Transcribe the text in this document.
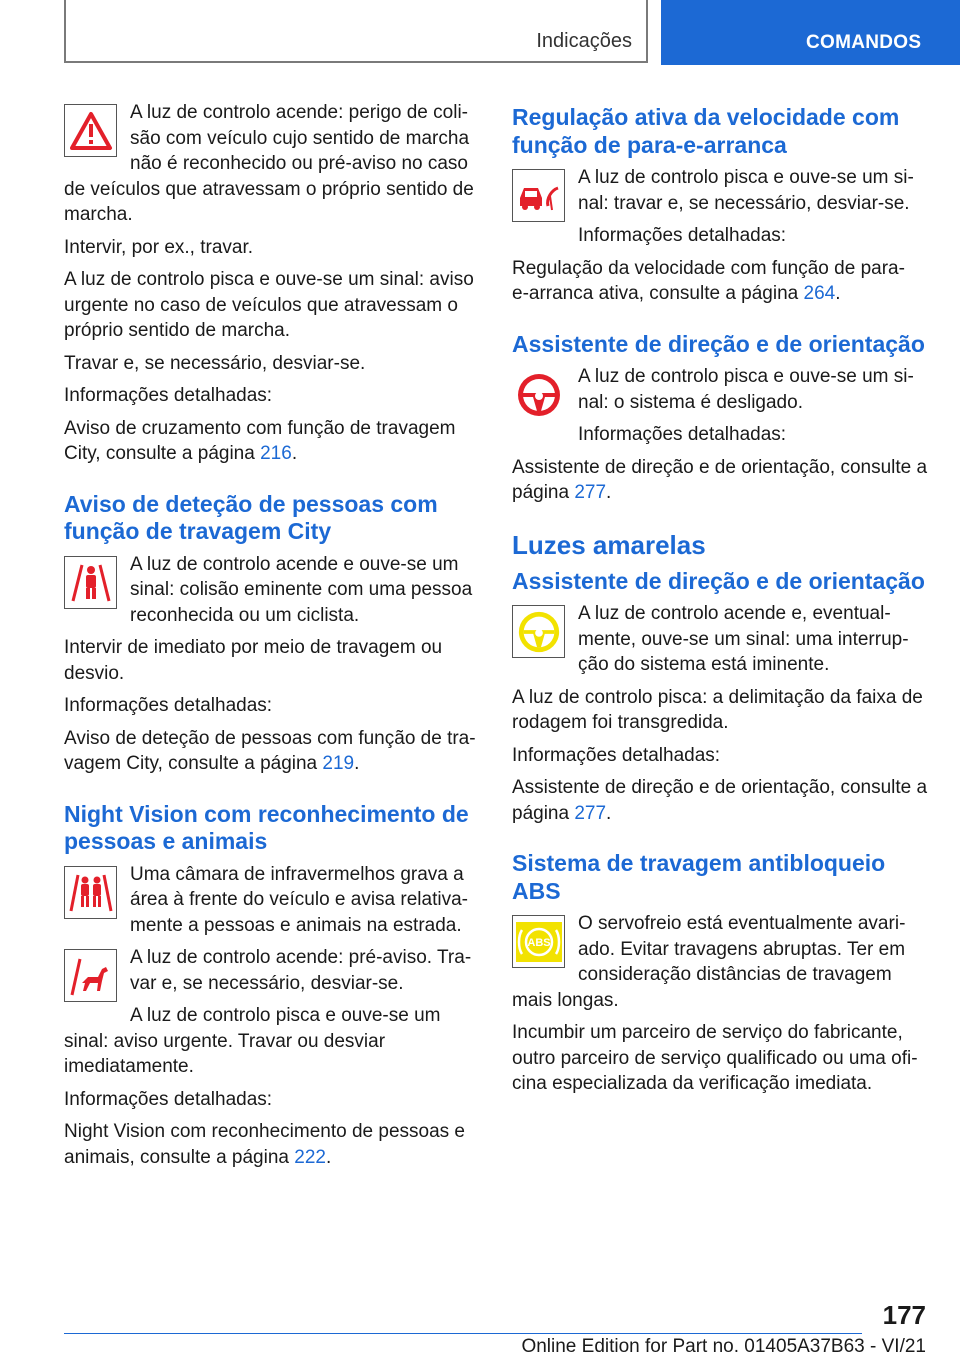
Indicações	COMANDOS

A luz de controlo acende: perigo de colisão com veículo cujo sentido de marcha não é reconhecido ou pré-aviso no caso de veículos que atravessam o próprio sentido de marcha.

Intervir, por ex., travar.

A luz de controlo pisca e ouve-se um sinal: aviso urgente no caso de veículos que atravessam o próprio sentido de marcha.

Travar e, se necessário, desviar-se.

Informações detalhadas:

Aviso de cruzamento com função de travagem City, consulte a página 216.

Aviso de deteção de pessoas com função de travagem City

A luz de controlo acende e ouve-se um sinal: colisão eminente com uma pessoa reconhecida ou um ciclista.

Intervir de imediato por meio de travagem ou desvio.

Informações detalhadas:

Aviso de deteção de pessoas com função de travagem City, consulte a página 219.

Night Vision com reconhecimento de pessoas e animais

Uma câmara de infravermelhos grava a área à frente do veículo e avisa relativamente a pessoas e animais na estrada.

A luz de controlo acende: pré-aviso. Travar e, se necessário, desviar-se.

A luz de controlo pisca e ouve-se um sinal: aviso urgente. Travar ou desviar imediatamente.

Informações detalhadas:

Night Vision com reconhecimento de pessoas e animais, consulte a página 222.

Regulação ativa da velocidade com função de para-e-arranca

A luz de controlo pisca e ouve-se um sinal: travar e, se necessário, desviar-se.

Informações detalhadas:

Regulação da velocidade com função de para-e-arranca ativa, consulte a página 264.

Assistente de direção e de orientação

A luz de controlo pisca e ouve-se um sinal: o sistema é desligado.

Informações detalhadas:

Assistente de direção e de orientação, consulte a página 277.

Luzes amarelas
Assistente de direção e de orientação

A luz de controlo acende e, eventualmente, ouve-se um sinal: uma interrupção do sistema está iminente.

A luz de controlo pisca: a delimitação da faixa de rodagem foi transgredida.

Informações detalhadas:

Assistente de direção e de orientação, consulte a página 277.

Sistema de travagem antibloqueio ABS
ABS

O servofreio está eventualmente avariado. Evitar travagens abruptas. Ter em consideração distâncias de travagem mais longas.

Incumbir um parceiro de serviço do fabricante, outro parceiro de serviço qualificado ou uma oficina especializada da verificação imediata.

177
Online Edition for Part no. 01405A37B63 - VI/21
